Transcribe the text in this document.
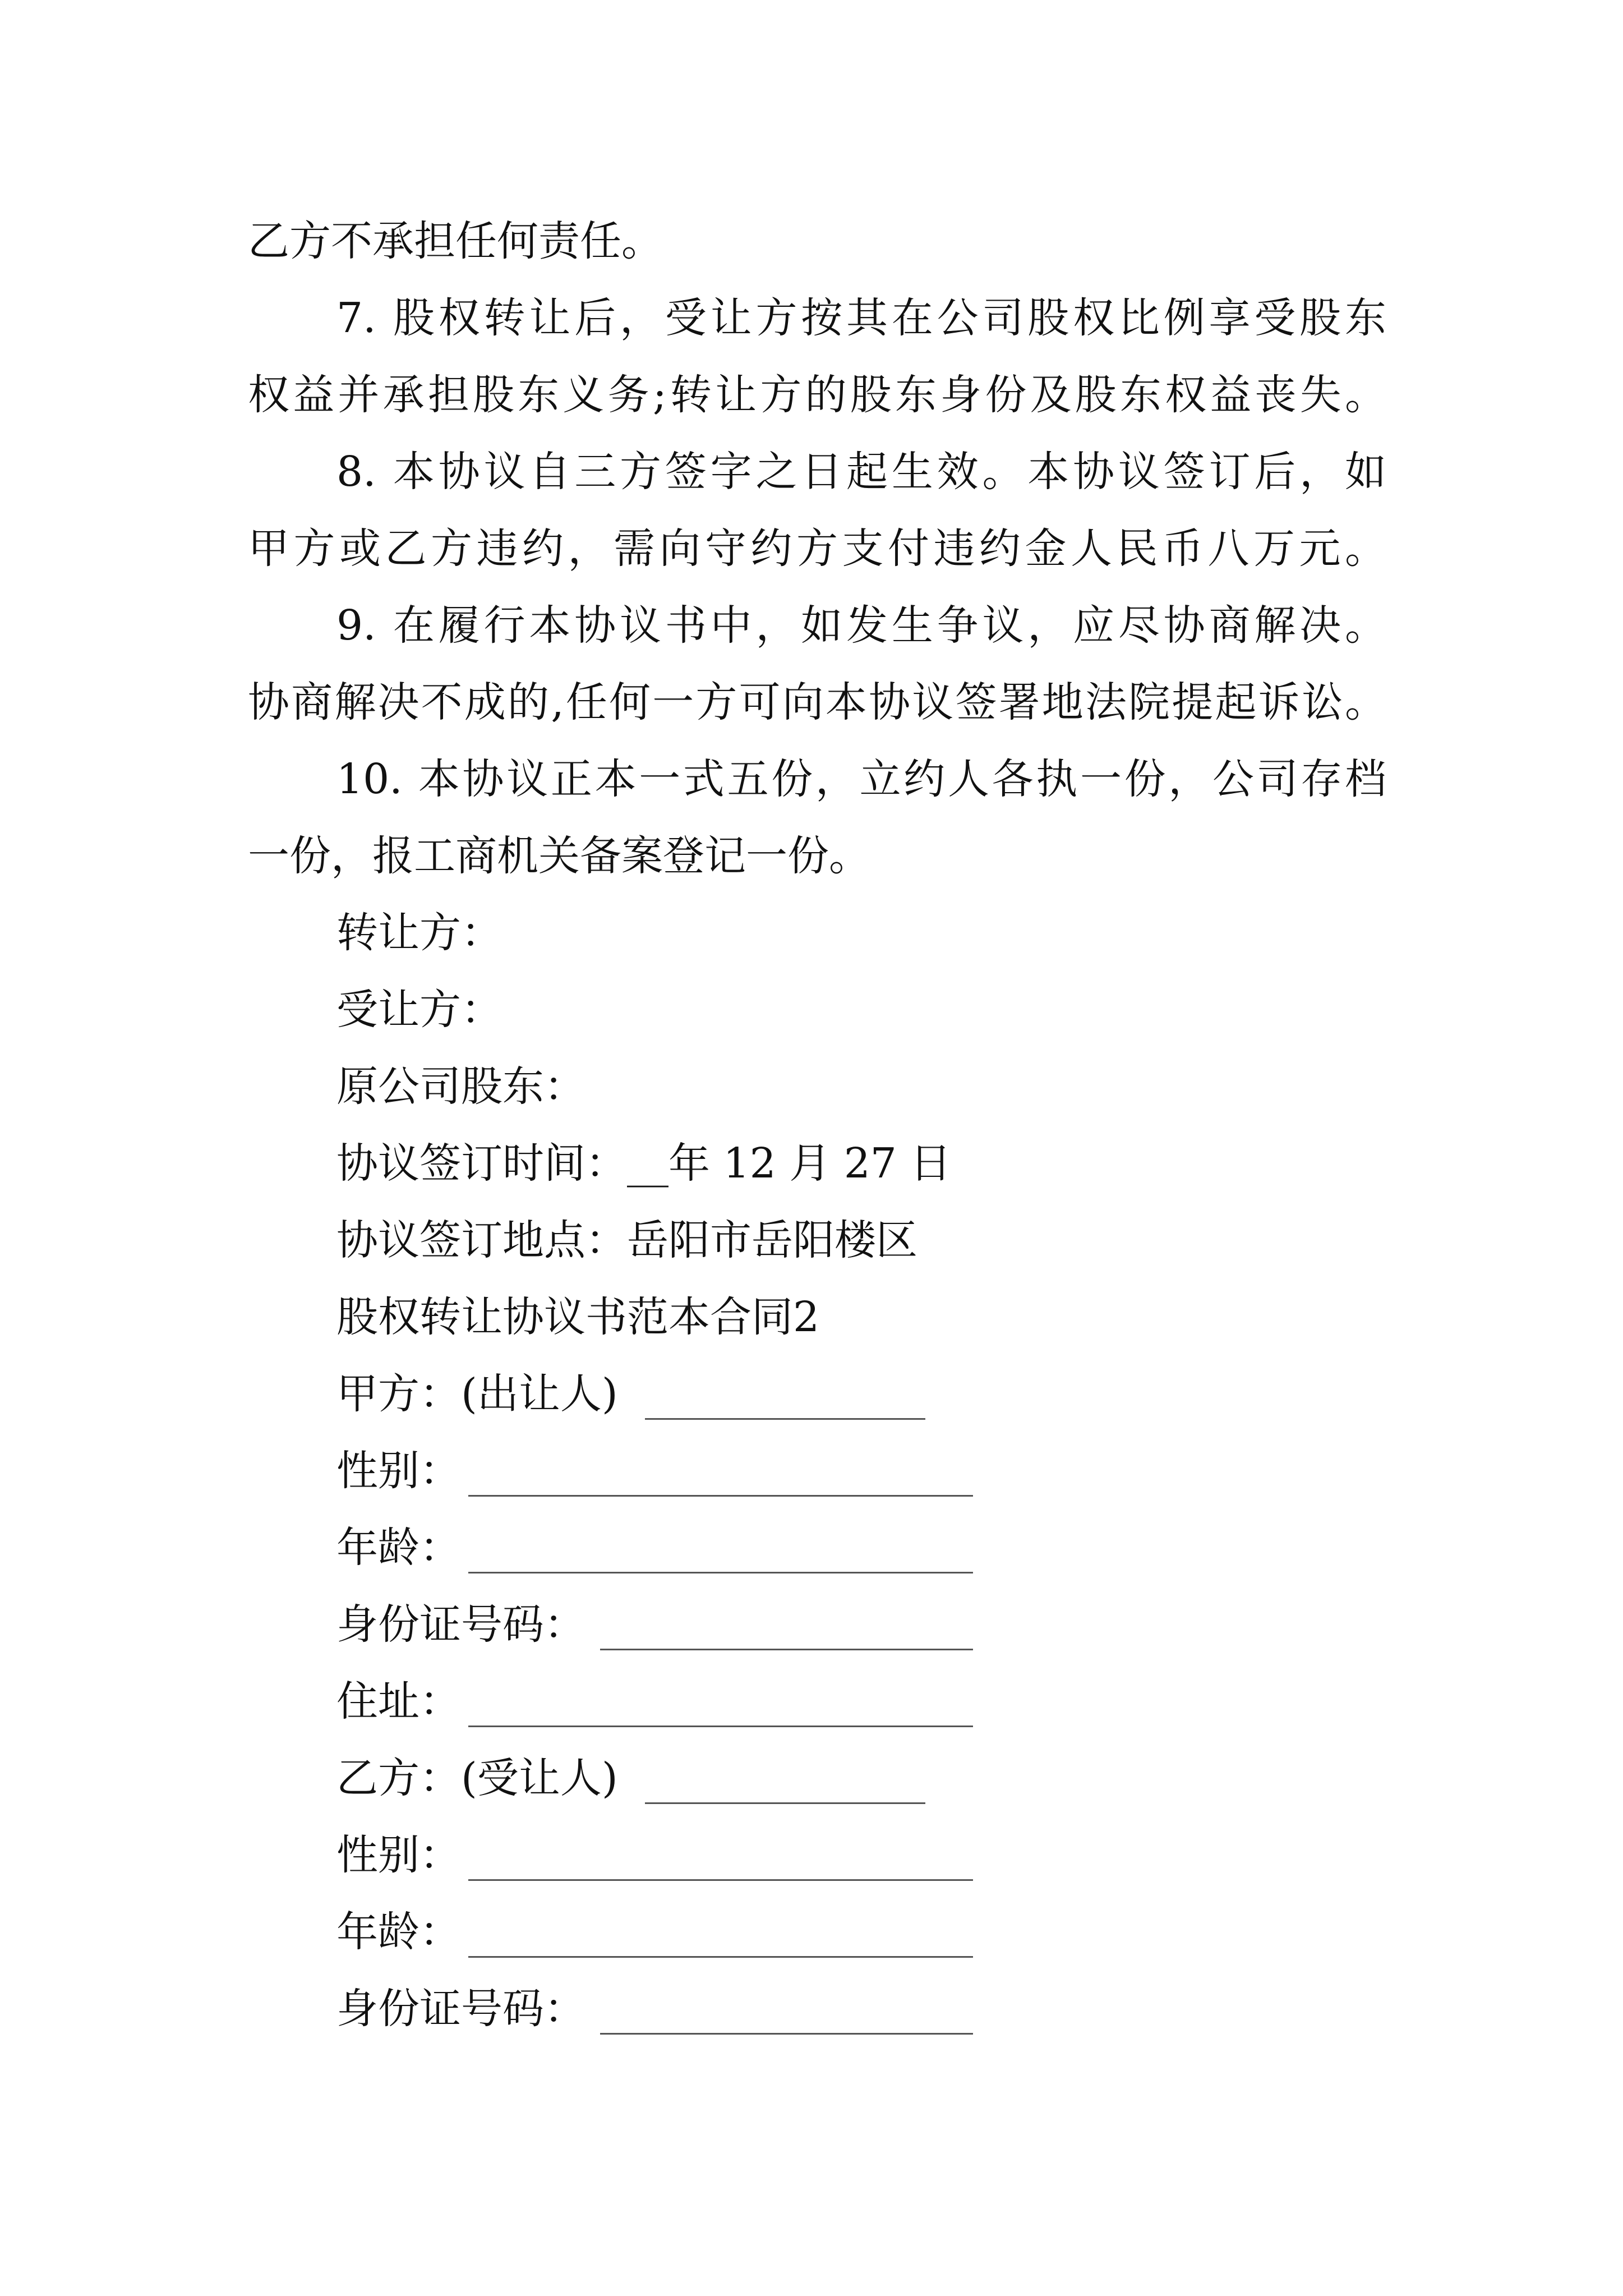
乙方不承担任何责任。
7. 股权转让后，受让方按其在公司股权比例享受股东
权益并承担股东义务;转让方的股东身份及股东权益丧失。
8. 本协议自三方签字之日起生效。本协议签订后，如
甲方或乙方违约，需向守约方支付违约金人民币八万元。
9. 在履行本协议书中，如发生争议，应尽协商解决。
协商解决不成的,任何一方可向本协议签署地法院提起诉讼。
10. 本协议正本一式五份，立约人各执一份，公司存档
一份，报工商机关备案登记一份。
转让方：
受让方：
原公司股东：
协议签订时间：__年 12 月 27 日
协议签订地点：岳阳市岳阳楼区
股权转让协议书范本合同2
甲方：(出让人)
性别：
年龄：
身份证号码：
住址：
乙方：(受让人)
性别：
年龄：
身份证号码：
